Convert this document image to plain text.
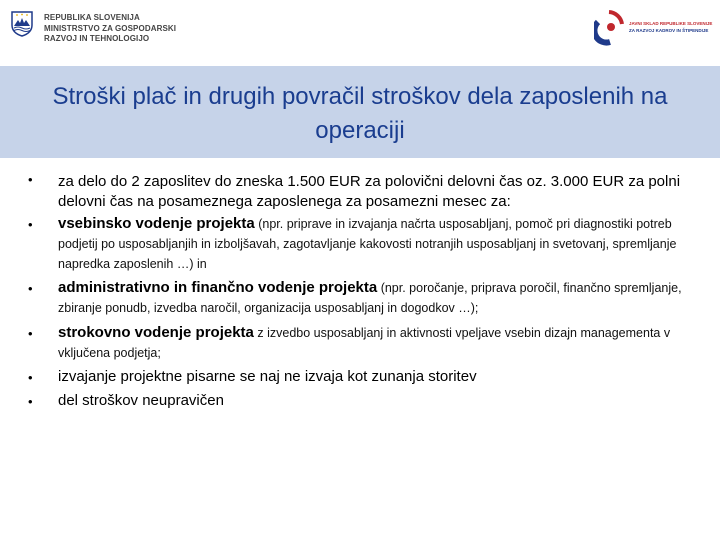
REPUBLIKA SLOVENIJA
MINISTRSTVO ZA GOSPODARSKI
RAZVOJ IN TEHNOLOGIJO
JAVNI SKLAD REPUBLIKE SLOVENIJE
ZA RAZVOJ KADROV IN ŠTIPENDIJE
Stroški plač in drugih povračil stroškov dela zaposlenih na operaciji
• za delo do 2 zaposlitev do zneska 1.500 EUR za polovični delovni čas oz. 3.000 EUR za polni delovni čas na posameznega zaposlenega za posamezni mesec za:
• vsebinsko vodenje projekta (npr. priprave in izvajanja načrta usposabljanj, pomoč pri diagnostiki potreb podjetij po usposabljanjih in izboljšavah, zagotavljanje kakovosti notranjih usposabljanj in svetovanj, spremljanje napredka zaposlenih …) in
• administrativno in finančno vodenje projekta (npr. poročanje, priprava poročil, finančno spremljanje, zbiranje ponudb, izvedba naročil, organizacija usposabljanj in dogodkov …);
• strokovno vodenje projekta z izvedbo usposabljanj in aktivnosti vpeljave vsebin dizajn managementa v vključena podjetja;
• izvajanje projektne pisarne se naj ne izvaja kot zunanja storitev
• del stroškov neupravičen
